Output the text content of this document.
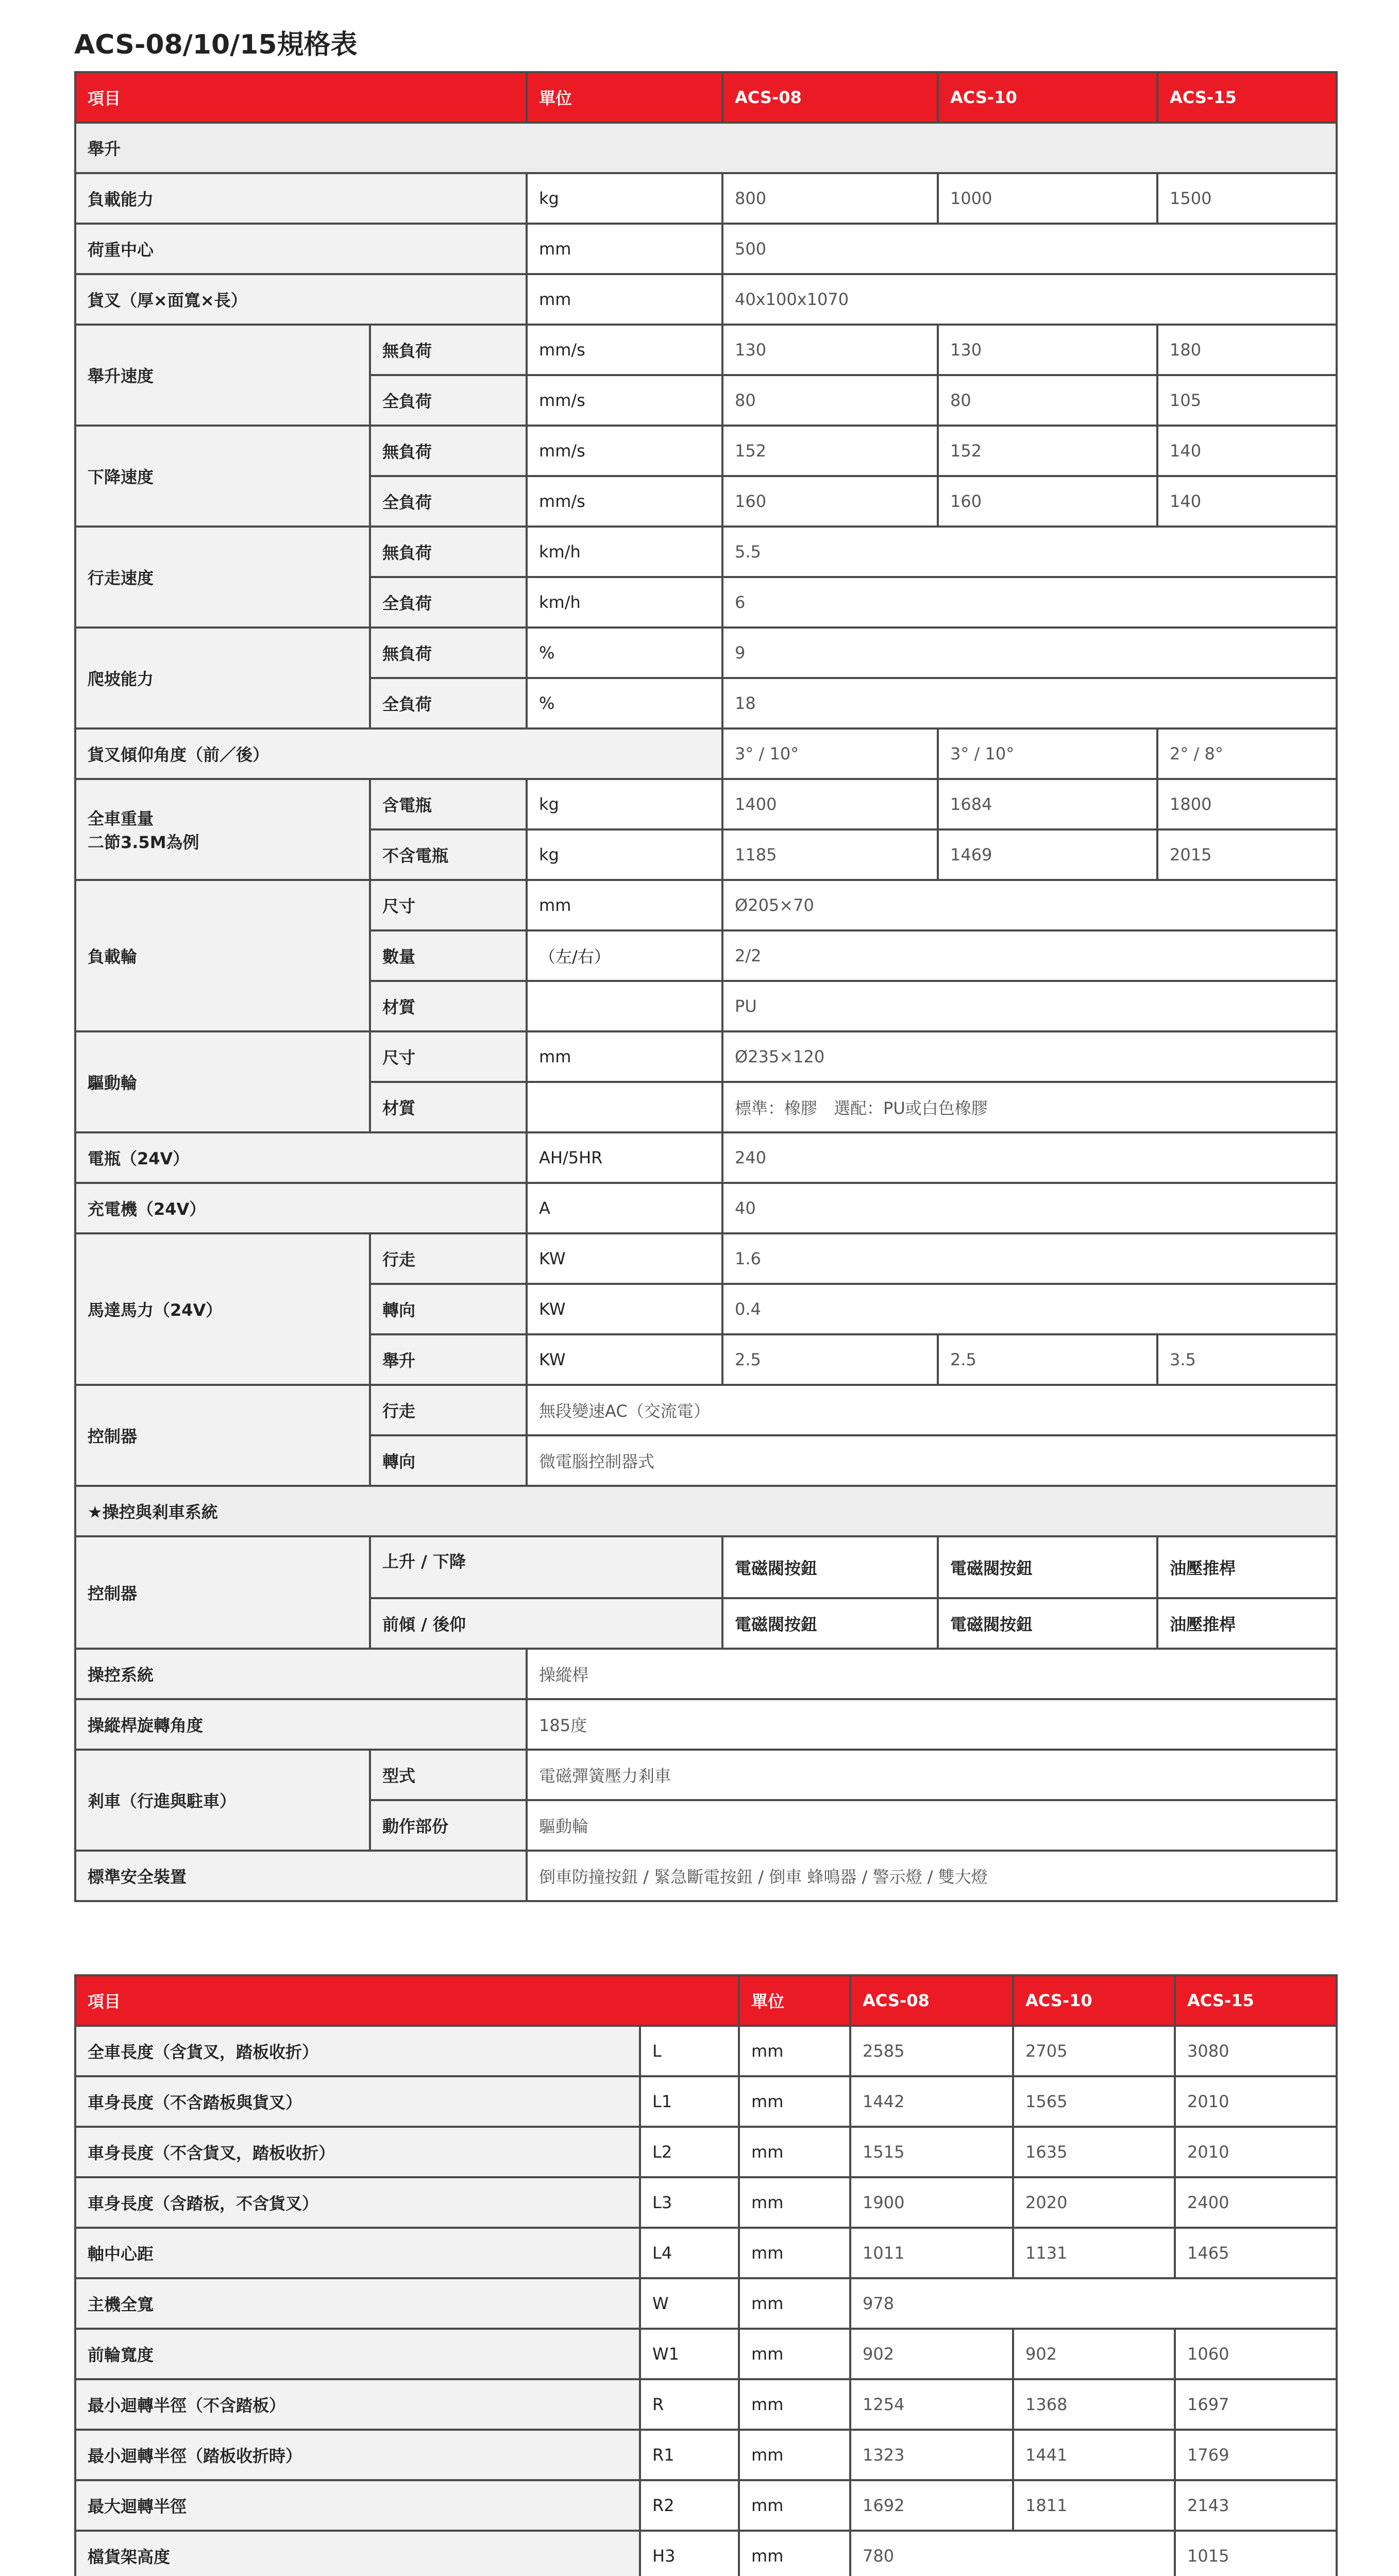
ACS-08/10/15規格表
項目		單位	ACS-08	ACS-10	ACS-15
舉升					
負載能力		kg	800	1000	1500
荷重中心		mm	500		
貨叉（厚×面寬×長）		mm	40x100x1070		
舉升速度	無負荷	mm/s	130	130	180
	全負荷	mm/s	80	80	105
下降速度	無負荷	mm/s	152	152	140
	全負荷	mm/s	160	160	140
行走速度	無負荷	km/h	5.5		
	全負荷	km/h	6		
爬坡能力	無負荷	%	9		
	全負荷	%	18		
貨叉傾仰角度（前／後）			3° / 10°	3° / 10°	2° / 8°

全車重量
二節3.5M為例	含電瓶	kg	1400	1684	1800
	不含電瓶	kg	1185	1469	2015
負載輪	尺寸	mm	Ø205×70		
	數量	（左/右）	2/2		
	材質		PU		
驅動輪	尺寸	mm	Ø235×120		
	材質		標準：橡膠　選配：PU或白色橡膠		
電瓶（24V）		AH/5HR	240		
充電機（24V）		A	40		
馬達馬力（24V）	行走	KW	1.6		
	轉向	KW	0.4		
	舉升	KW	2.5	2.5	3.5
控制器	行走	無段變速AC（交流電）			
	轉向	微電腦控制器式			
★操控與剎車系統					
控制器	上升 / 下降		電磁閥按鈕	電磁閥按鈕	油壓推桿
	前傾 / 後仰		電磁閥按鈕	電磁閥按鈕	油壓推桿
操控系統		操縱桿			
操縱桿旋轉角度		185度			
剎車（行進與駐車）	型式	電磁彈簧壓力剎車			
	動作部份	驅動輪			
標準安全裝置		倒車防撞按鈕 / 緊急斷電按鈕 / 倒車 蜂鳴器 / 警示燈 / 雙大燈			
項目		單位	ACS-08	ACS-10	ACS-15
全車長度（含貨叉，踏板收折）	L	mm	2585	2705	3080
車身長度（不含踏板與貨叉）	L1	mm	1442	1565	2010
車身長度（不含貨叉，踏板收折）	L2	mm	1515	1635	2010
車身長度（含踏板，不含貨叉）	L3	mm	1900	2020	2400
軸中心距	L4	mm	1011	1131	1465
主機全寬	W	mm	978		
前輪寬度	W1	mm	902	902	1060
最小迴轉半徑（不含踏板）	R	mm	1254	1368	1697
最小迴轉半徑（踏板收折時）	R1	mm	1323	1441	1769
最大迴轉半徑	R2	mm	1692	1811	2143
檔貨架高度	H3	mm	780		1015
